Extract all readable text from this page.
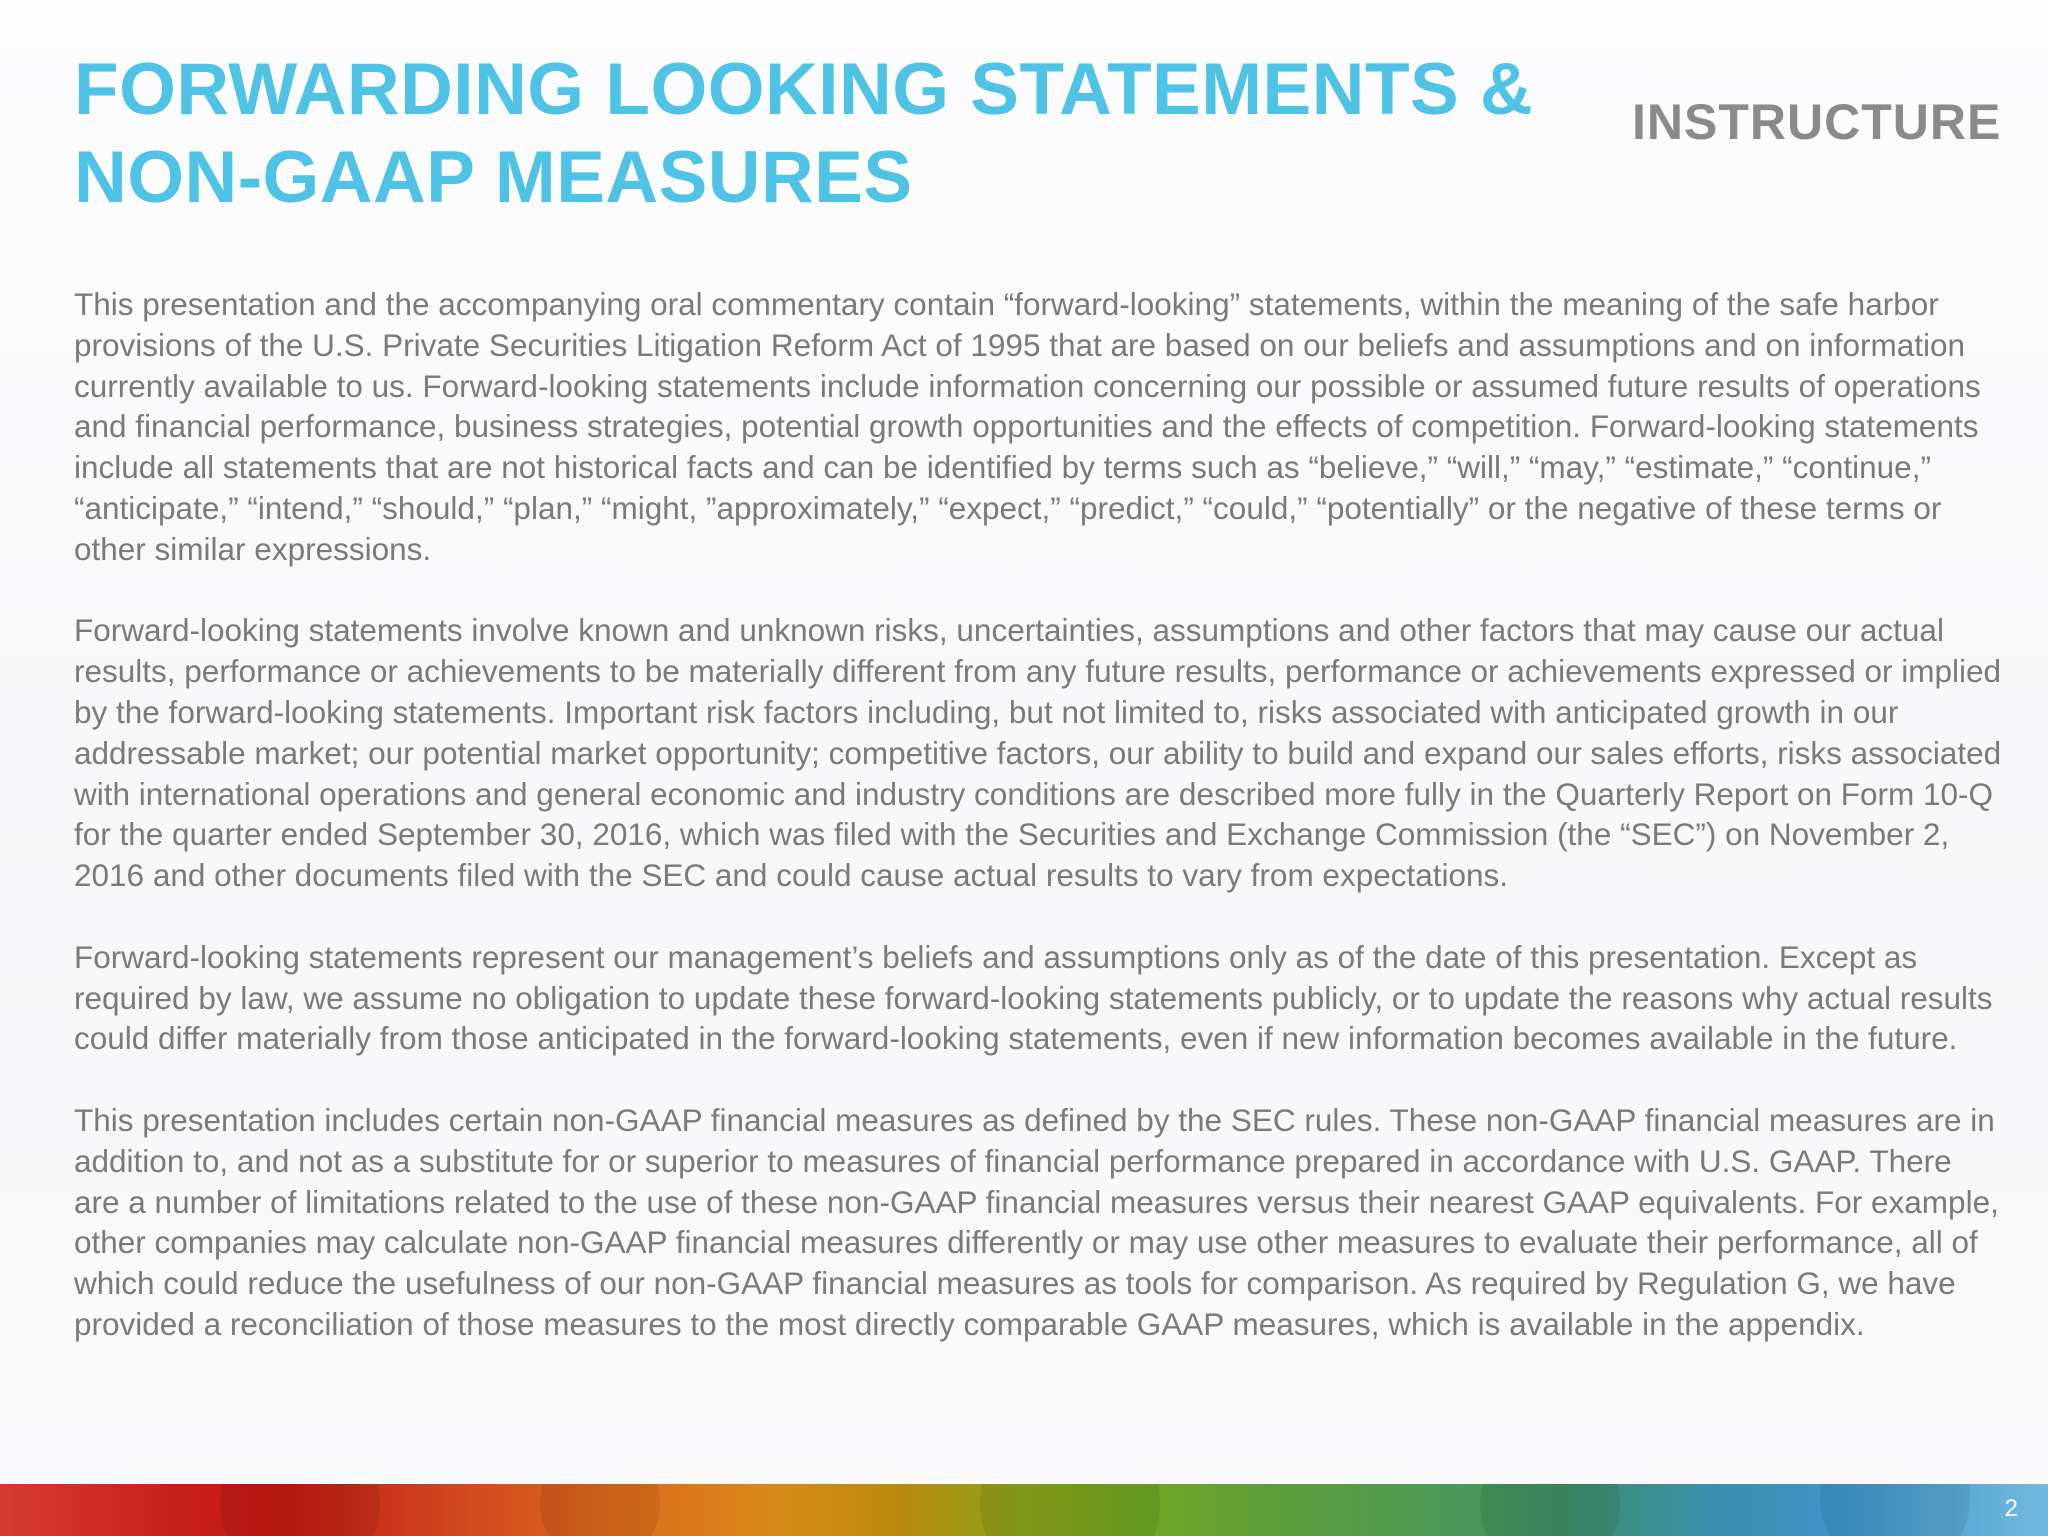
FORWARDING LOOKING STATEMENTS &
NON-GAAP MEASURES
INSTRUCTURE

This presentation and the accompanying oral commentary contain “forward-looking” statements, within the meaning of the safe harbor provisions of the U.S. Private Securities Litigation Reform Act of 1995 that are based on our beliefs and assumptions and on information currently available to us. Forward-looking statements include information concerning our possible or assumed future results of operations and financial performance, business strategies, potential growth opportunities and the effects of competition. Forward-looking statements include all statements that are not historical facts and can be identified by terms such as “believe,” “will,” “may,” “estimate,” “continue,” “anticipate,” “intend,” “should,” “plan,” “might, ”approximately,” “expect,” “predict,” “could,” “potentially” or the negative of these terms or other similar expressions.

Forward-looking statements involve known and unknown risks, uncertainties, assumptions and other factors that may cause our actual results, performance or achievements to be materially different from any future results, performance or achievements expressed or implied by the forward-looking statements. Important risk factors including, but not limited to, risks associated with anticipated growth in our addressable market; our potential market opportunity; competitive factors, our ability to build and expand our sales efforts, risks associated with international operations and general economic and industry conditions are described more fully in the Quarterly Report on Form 10-Q for the quarter ended September 30, 2016, which was filed with the Securities and Exchange Commission (the “SEC”) on November 2, 2016 and other documents filed with the SEC and could cause actual results to vary from expectations.

Forward-looking statements represent our management’s beliefs and assumptions only as of the date of this presentation. Except as required by law, we assume no obligation to update these forward-looking statements publicly, or to update the reasons why actual results could differ materially from those anticipated in the forward-looking statements, even if new information becomes available in the future.

This presentation includes certain non-GAAP financial measures as defined by the SEC rules. These non-GAAP financial measures are in addition to, and not as a substitute for or superior to measures of financial performance prepared in accordance with U.S. GAAP. There are a number of limitations related to the use of these non-GAAP financial measures versus their nearest GAAP equivalents. For example, other companies may calculate non-GAAP financial measures differently or may use other measures to evaluate their performance, all of which could reduce the usefulness of our non-GAAP financial measures as tools for comparison. As required by Regulation G, we have provided a reconciliation of those measures to the most directly comparable GAAP measures, which is available in the appendix.

2
